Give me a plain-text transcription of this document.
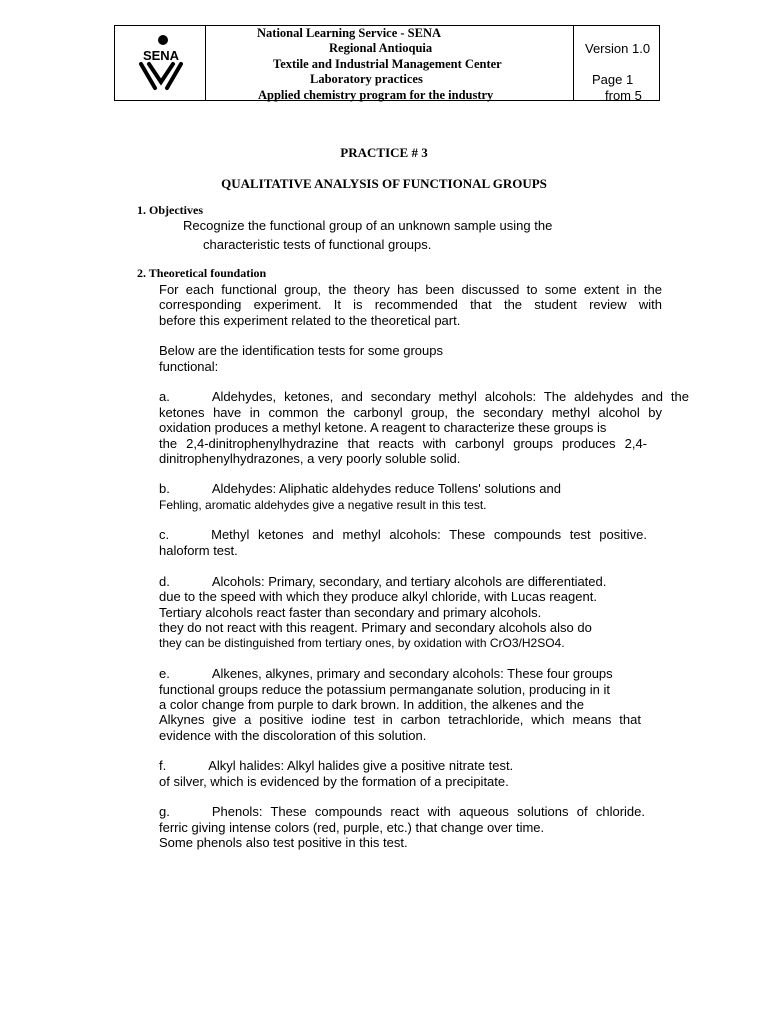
SENA
National Learning Service - SENA
Regional Antioquia
Textile and Industrial Management Center
Laboratory practices
Applied chemistry program for the industry
Version 1.0
Page 1
from 5
PRACTICE # 3
QUALITATIVE ANALYSIS OF FUNCTIONAL GROUPS
1. Objectives
Recognize the functional group of an unknown sample using the
characteristic tests of functional groups.
2. Theoretical foundation
For each functional group, the theory has been discussed to some extent in the
corresponding experiment. It is recommended that the student review with
before this experiment related to the theoretical part.
Below are the identification tests for some groups
functional:
a.	Aldehydes, ketones, and secondary methyl alcohols: The aldehydes and the
ketones have in common the carbonyl group, the secondary methyl alcohol by
oxidation produces a methyl ketone. A reagent to characterize these groups is
the 2,4-dinitrophenylhydrazine that reacts with carbonyl groups produces 2,4-
dinitrophenylhydrazones, a very poorly soluble solid.
b.	Aldehydes: Aliphatic aldehydes reduce Tollens' solutions and
Fehling, aromatic aldehydes give a negative result in this test.
c.	Methyl ketones and methyl alcohols: These compounds test positive.
haloform test.
d.	Alcohols: Primary, secondary, and tertiary alcohols are differentiated.
due to the speed with which they produce alkyl chloride, with Lucas reagent.
Tertiary alcohols react faster than secondary and primary alcohols.
they do not react with this reagent. Primary and secondary alcohols also do
they can be distinguished from tertiary ones, by oxidation with CrO3/H2SO4.
e.	Alkenes, alkynes, primary and secondary alcohols: These four groups
functional groups reduce the potassium permanganate solution, producing in it
a color change from purple to dark brown. In addition, the alkenes and the
Alkynes give a positive iodine test in carbon tetrachloride, which means that
evidence with the discoloration of this solution.
f.	Alkyl halides: Alkyl halides give a positive nitrate test.
of silver, which is evidenced by the formation of a precipitate.
g.	Phenols: These compounds react with aqueous solutions of chloride.
ferric giving intense colors (red, purple, etc.) that change over time.
Some phenols also test positive in this test.
